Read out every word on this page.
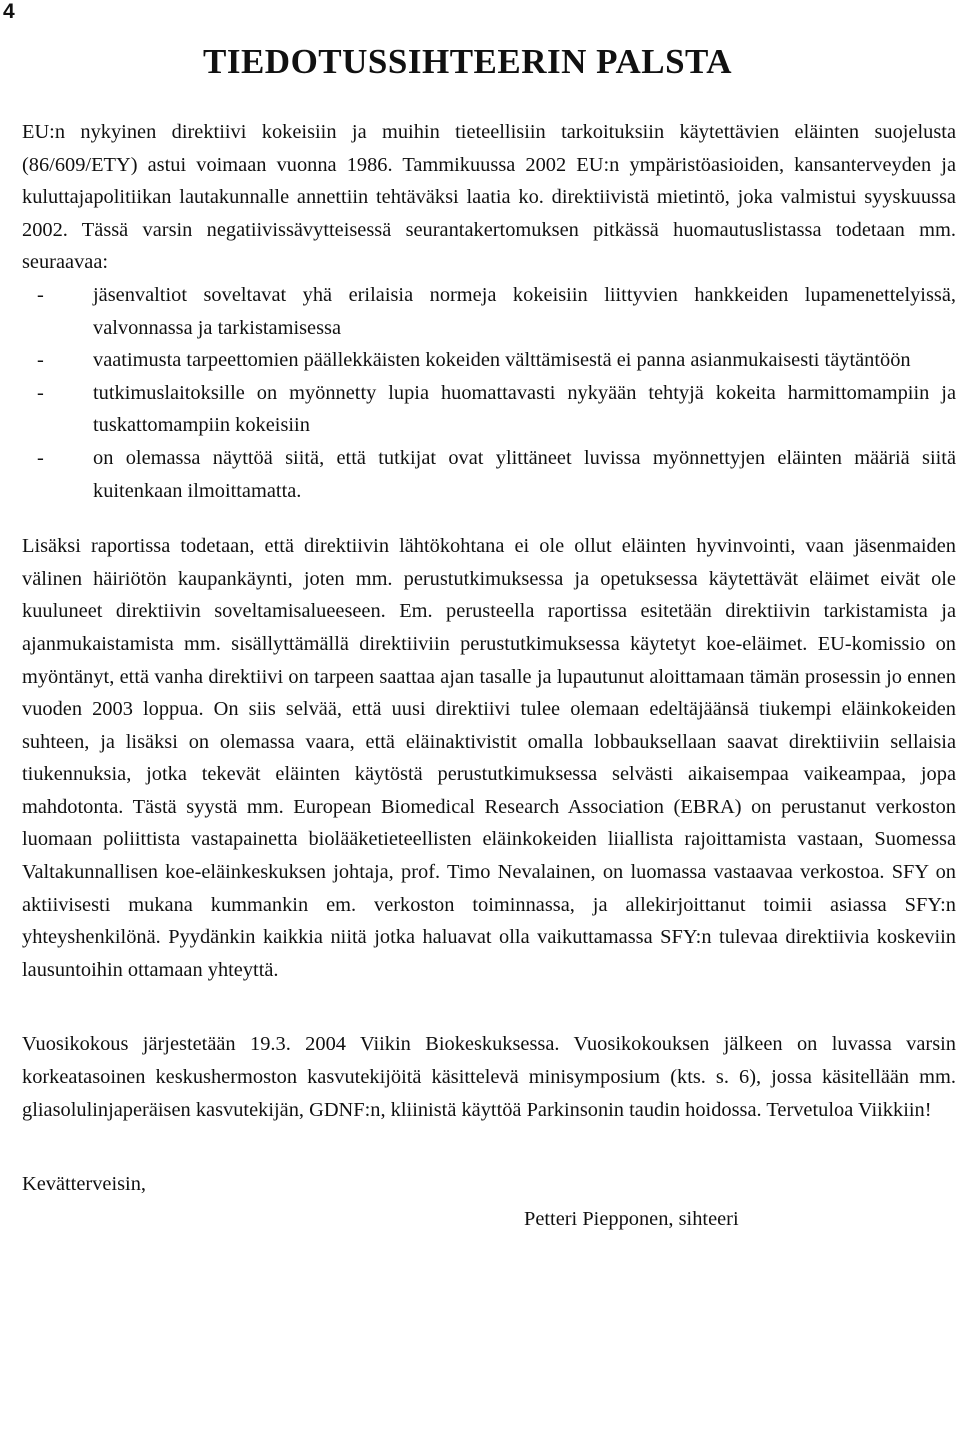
4
TIEDOTUSSIHTEERIN PALSTA

EU:n nykyinen direktiivi kokeisiin ja muihin tieteellisiin tarkoituksiin käytettävien eläinten suojelusta (86/609/ETY) astui voimaan vuonna 1986. Tammikuussa 2002 EU:n ympäristöasioiden, kansanterveyden ja kuluttajapolitiikan lautakunnalle annettiin tehtäväksi laatia ko. direktiivistä mietintö, joka valmistui syyskuussa 2002. Tässä varsin negatiivissävytteisessä seurantakertomuksen pitkässä huomautuslistassa todetaan mm. seuraavaa:

- jäsenvaltiot soveltavat yhä erilaisia normeja kokeisiin liittyvien hankkeiden lupamenettelyissä, valvonnassa ja tarkistamisessa
- vaatimusta tarpeettomien päällekkäisten kokeiden välttämisestä ei panna asianmukaisesti täytäntöön
- tutkimuslaitoksille on myönnetty lupia huomattavasti nykyään tehtyjä kokeita harmittomampiin ja tuskattomampiin kokeisiin
- on olemassa näyttöä siitä, että tutkijat ovat ylittäneet luvissa myönnettyjen eläinten määriä siitä kuitenkaan ilmoittamatta.

Lisäksi raportissa todetaan, että direktiivin lähtökohtana ei ole ollut eläinten hyvinvointi, vaan jäsenmaiden välinen häiriötön kaupankäynti, joten mm. perustutkimuksessa ja opetuksessa käytettävät eläimet eivät ole kuuluneet direktiivin soveltamisalueeseen. Em. perusteella raportissa esitetään direktiivin tarkistamista ja ajanmukaistamista mm. sisällyttämällä direktiiviin perustutkimuksessa käytetyt koe-eläimet. EU-komissio on myöntänyt, että vanha direktiivi on tarpeen saattaa ajan tasalle ja lupautunut aloittamaan tämän prosessin jo ennen vuoden 2003 loppua. On siis selvää, että uusi direktiivi tulee olemaan edeltäjäänsä tiukempi eläinkokeiden suhteen, ja lisäksi on olemassa vaara, että eläinaktivistit omalla lobbauksellaan saavat direktiiviin sellaisia tiukennuksia, jotka tekevät eläinten käytöstä perustutkimuksessa selvästi aikaisempaa vaikeampaa, jopa mahdotonta. Tästä syystä mm. European Biomedical Research Association (EBRA) on perustanut verkoston luomaan poliittista vastapainetta biolääketieteellisten eläinkokeiden liiallista rajoittamista vastaan, Suomessa Valtakunnallisen koe-eläinkeskuksen johtaja, prof. Timo Nevalainen, on luomassa vastaavaa verkostoa. SFY on aktiivisesti mukana kummankin em. verkoston toiminnassa, ja allekirjoittanut toimii asiassa SFY:n yhteyshenkilönä. Pyydänkin kaikkia niitä jotka haluavat olla vaikuttamassa SFY:n tulevaa direktiivia koskeviin lausuntoihin ottamaan yhteyttä.

Vuosikokous järjestetään 19.3. 2004 Viikin Biokeskuksessa. Vuosikokouksen jälkeen on luvassa varsin korkeatasoinen keskushermoston kasvutekijöitä käsittelevä minisymposium (kts. s. 6), jossa käsitellään mm. gliasolulinjaperäisen kasvutekijän, GDNF:n, kliinistä käyttöä Parkinsonin taudin hoidossa. Tervetuloa Viikkiin!

Kevätterveisin,

Petteri Piepponen, sihteeri
